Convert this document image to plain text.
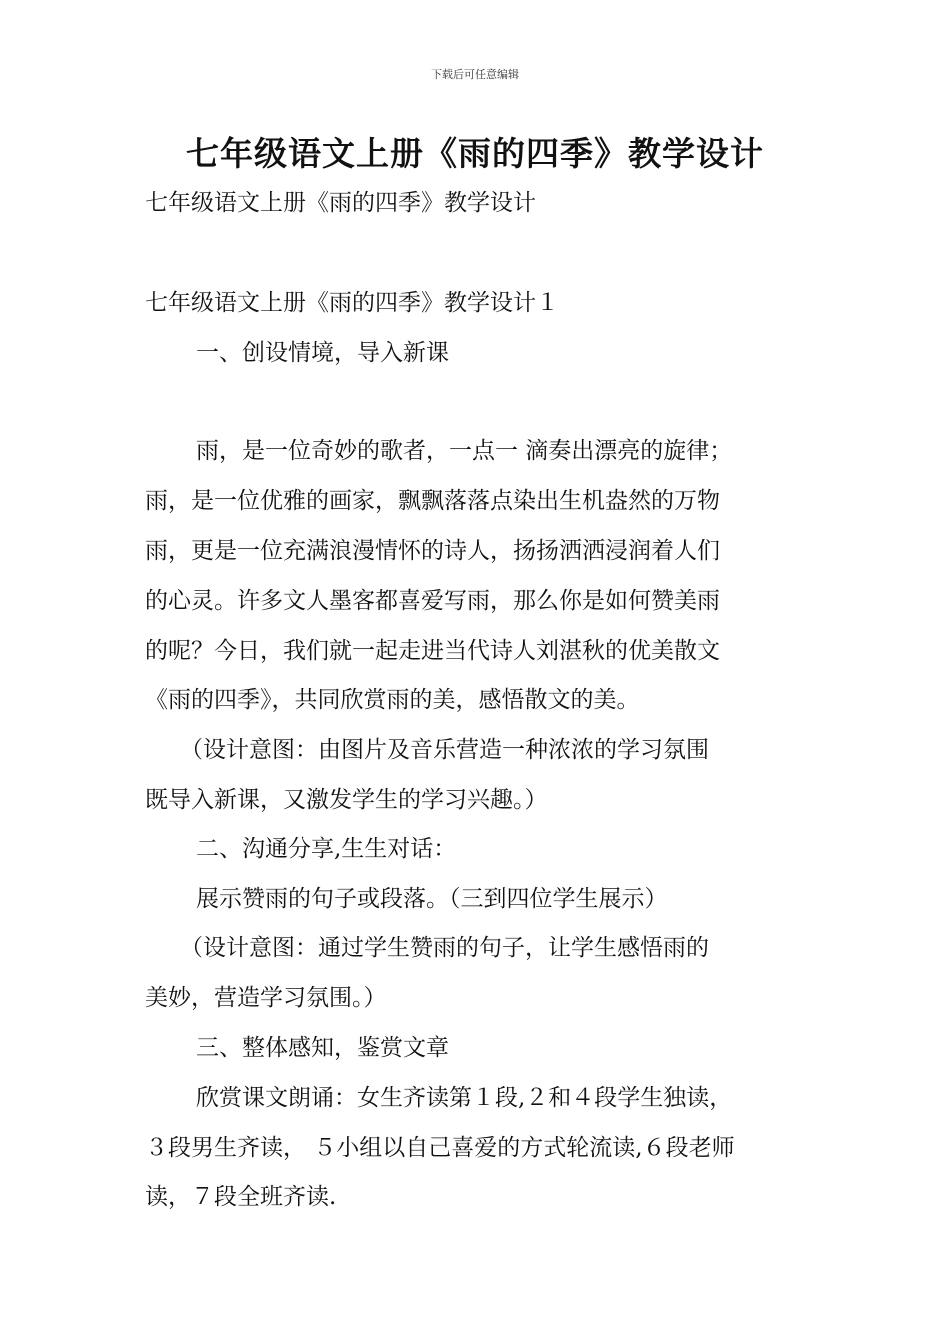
下载后可任意编辑
七年级语文上册《雨的四季》教学设计
七年级语文上册《雨的四季》教学设计
七年级语文上册《雨的四季》教学设计１
一、创设情境，导入新课
雨，是一位奇妙的歌者，一点一 滴奏出漂亮的旋律；
雨，是一位优雅的画家，飘飘落落点染出生机盎然的万物
雨，更是一位充满浪漫情怀的诗人，扬扬洒洒浸润着人们
的心灵。许多文人墨客都喜爱写雨，那么你是如何赞美雨
的呢？今日，我们就一起走进当代诗人刘湛秋的优美散文
《雨的四季》，共同欣赏雨的美，感悟散文的美。
（设计意图：由图片及音乐营造一种浓浓的学习氛围
既导入新课，又激发学生的学习兴趣。）
二、沟通分享,生生对话：
展示赞雨的句子或段落。（三到四位学生展示）
（设计意图：通过学生赞雨的句子，让学生感悟雨的
美妙，营造学习氛围。）
三、整体感知，鉴赏文章
欣赏课文朗诵：女生齐读第１段,２和４段学生独读，
３段男生齐读， ５小组以自己喜爱的方式轮流读,６段老师
读，７段全班齐读.
